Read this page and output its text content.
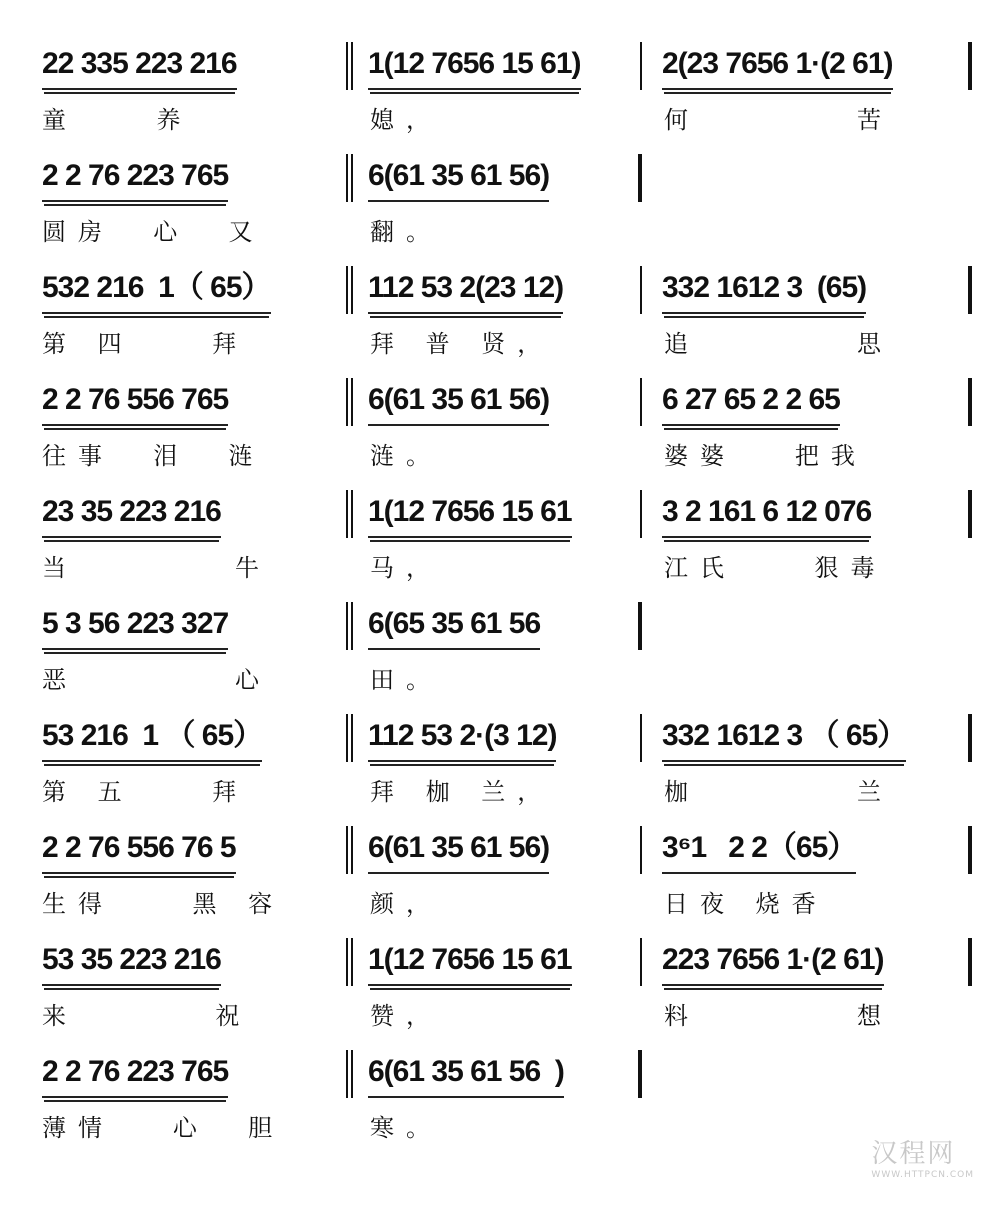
22 335 223 216	1(12 7656 15 61)	2(23 7656 1·(2 61)
童    养	媳，	何        苦
2 2 76 223 765	6(61 35 61 56)
圆房  心  又	翻。
532 216  1（ 65）	112 53 2(23 12)	332 1612 3  (65)
第 四    拜	拜 普 贤，	追        思
2 2 76 556 765	6(61 35 61 56)	6 27 65 2 2 65
往事  泪  涟	涟。	婆婆   把我
23 35 223 216	1(12 7656 15 61	3 2 161 6 12 076
当        牛	马，	江氏    狠毒
5 3 56 223 327	6(65 35 61 56
恶        心	田。
53 216  1 （ 65）	112 53 2·(3 12)	332 1612 3 （ 65）
第 五    拜	拜 枷 兰，	枷        兰
2 2 76 556 76 5	6(61 35 61 56)	3⁶1   2 2（65）
生得    黑 容	颜，	日夜 烧香
53 35 223 216	1(12 7656 15 61	223 7656 1·(2 61)
来       祝	赞，	料        想
2 2 76 223 765	6(61 35 61 56  )
薄情   心  胆	寒。
汉程网
WWW.HTTPCN.COM
